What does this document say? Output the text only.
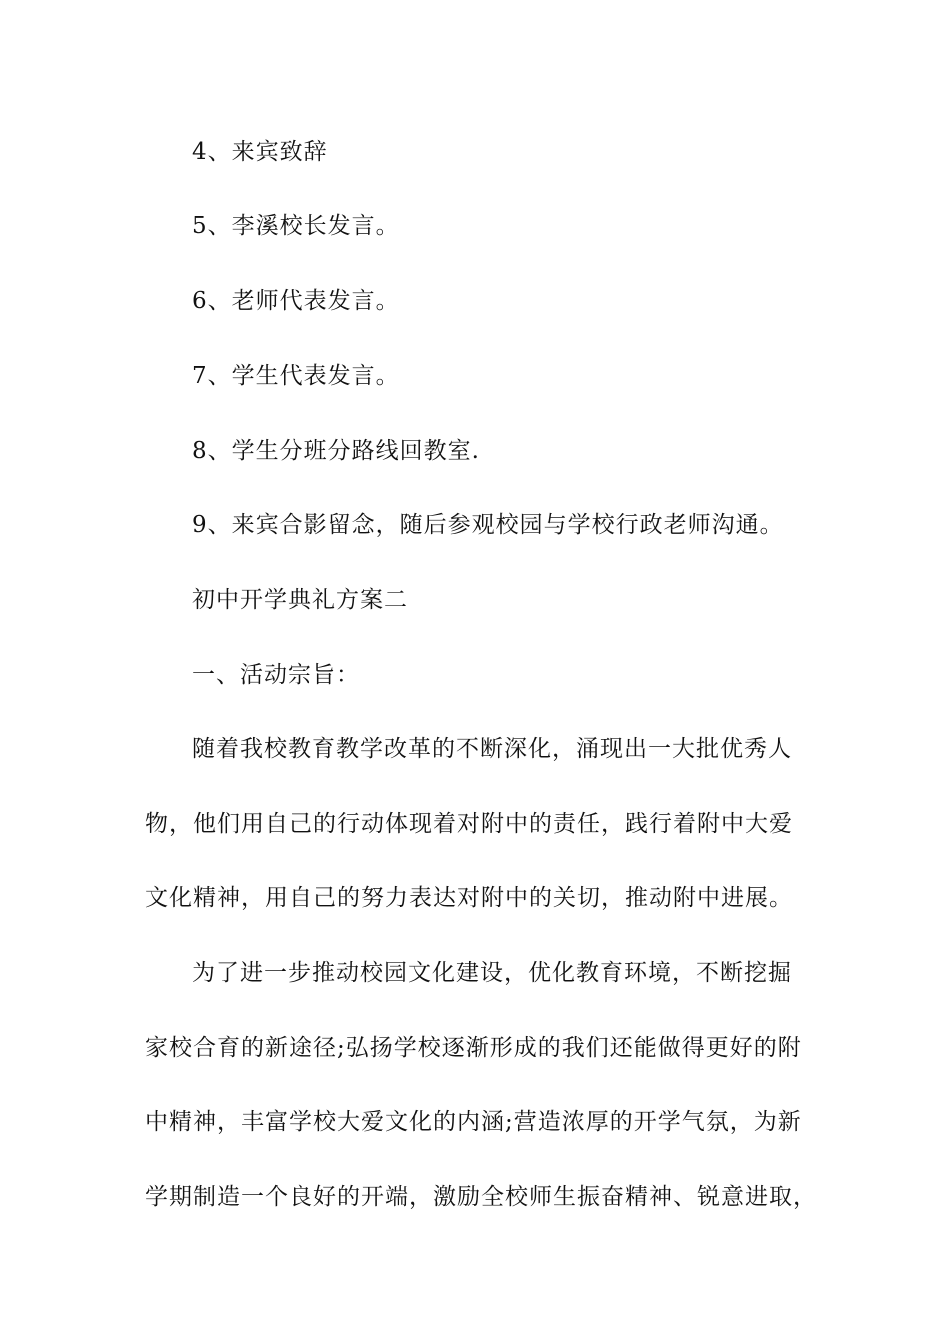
4、来宾致辞
5、李溪校长发言。
6、老师代表发言。
7、学生代表发言。
8、学生分班分路线回教室.
9、来宾合影留念，随后参观校园与学校行政老师沟通。
初中开学典礼方案二
一、活动宗旨：
随着我校教育教学改革的不断深化，涌现出一大批优秀人
物，他们用自己的行动体现着对附中的责任，践行着附中大爱
文化精神，用自己的努力表达对附中的关切，推动附中进展。
为了进一步推动校园文化建设，优化教育环境，不断挖掘
家校合育的新途径;弘扬学校逐渐形成的我们还能做得更好的附
中精神，丰富学校大爱文化的内涵;营造浓厚的开学气氛，为新
学期制造一个良好的开端，激励全校师生振奋精神、锐意进取，
